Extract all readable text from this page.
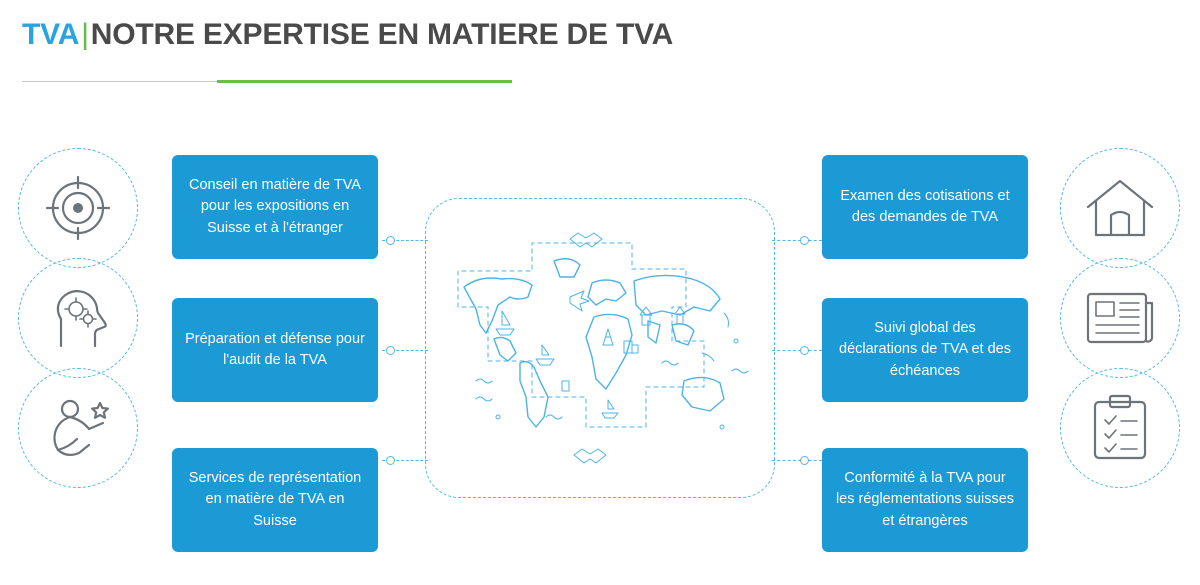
TVA|NOTRE EXPERTISE EN MATIERE DE TVA
Conseil en matière de TVA pour les expositions en Suisse et à l'étranger
Préparation et défense pour l'audit de la TVA
Services de représentation en matière de TVA en Suisse
Examen des cotisations et des demandes de TVA
Suivi global des déclarations de TVA et des échéances
Conformité à la TVA pour les réglementations suisses et étrangères
